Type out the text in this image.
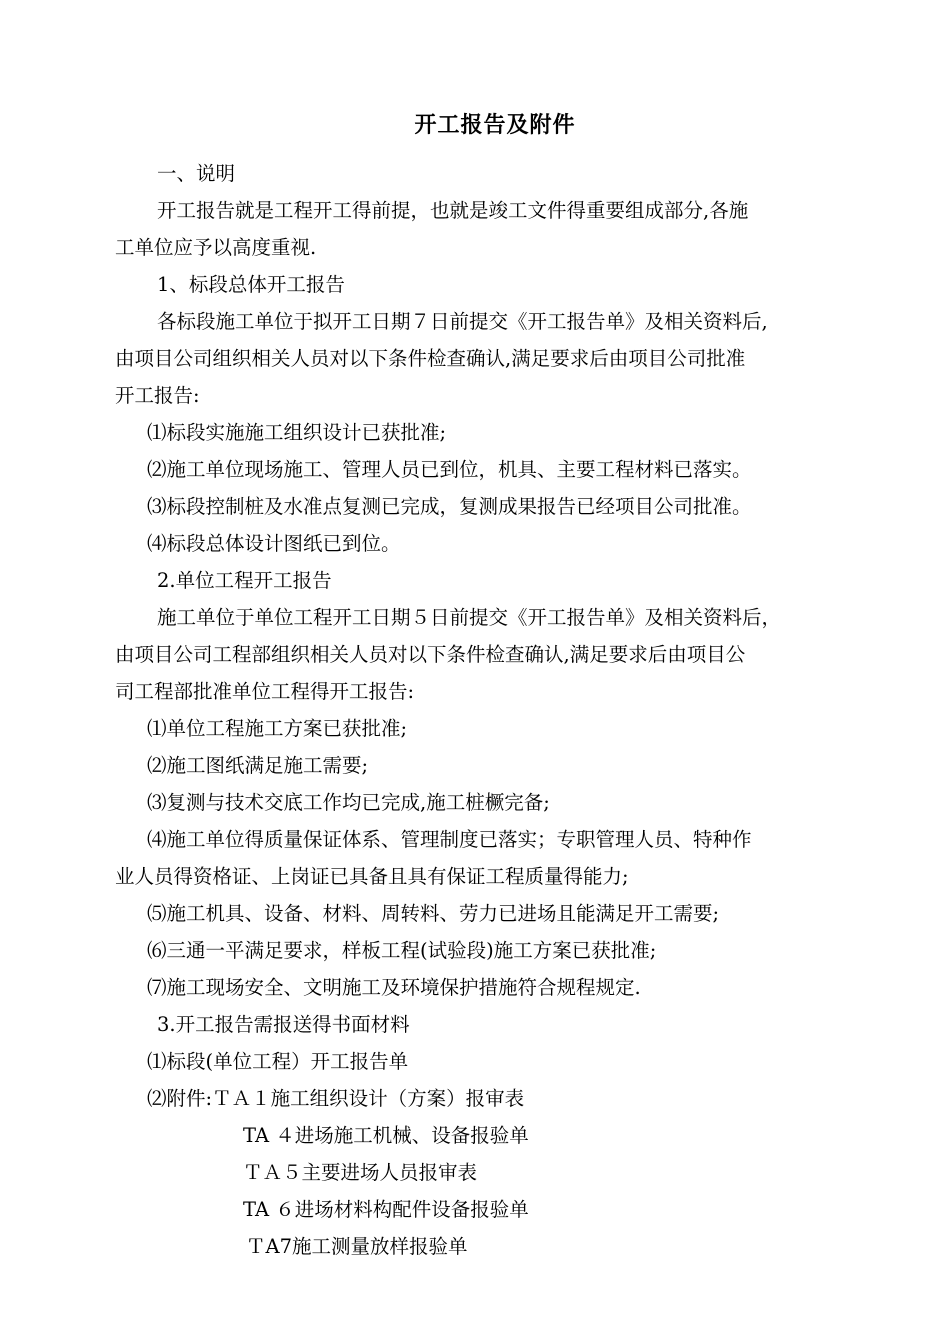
开工报告及附件

一、说明

开工报告就是工程开工得前提，也就是竣工文件得重要组成部分,各施

工单位应予以高度重视.

1、标段总体开工报告

各标段施工单位于拟开工日期７日前提交《开工报告单》及相关资料后,

由项目公司组织相关人员对以下条件检查确认,满足要求后由项目公司批准

开工报告:

⑴标段实施施工组织设计已获批准;

⑵施工单位现场施工、管理人员已到位，机具、主要工程材料已落实。

⑶标段控制桩及水准点复测已完成，复测成果报告已经项目公司批准。

⑷标段总体设计图纸已到位。

2.单位工程开工报告

施工单位于单位工程开工日期５日前提交《开工报告单》及相关资料后，

由项目公司工程部组织相关人员对以下条件检查确认,满足要求后由项目公

司工程部批准单位工程得开工报告:

⑴单位工程施工方案已获批准;

⑵施工图纸满足施工需要;

⑶复测与技术交底工作均已完成,施工桩橛完备;

⑷施工单位得质量保证体系、管理制度已落实；专职管理人员、特种作

业人员得资格证、上岗证已具备且具有保证工程质量得能力;

⑸施工机具、设备、材料、周转料、劳力已进场且能满足开工需要;

⑹三通一平满足要求，样板工程(试验段)施工方案已获批准;

⑺施工现场安全、文明施工及环境保护措施符合规程规定.

3.开工报告需报送得书面材料

⑴标段(单位工程）开工报告单

⑵附件:ＴＡ１施工组织设计（方案）报审表

TA ４进场施工机械、设备报验单

ＴＡ５主要进场人员报审表

TA ６进场材料构配件设备报验单

ＴA7施工测量放样报验单
